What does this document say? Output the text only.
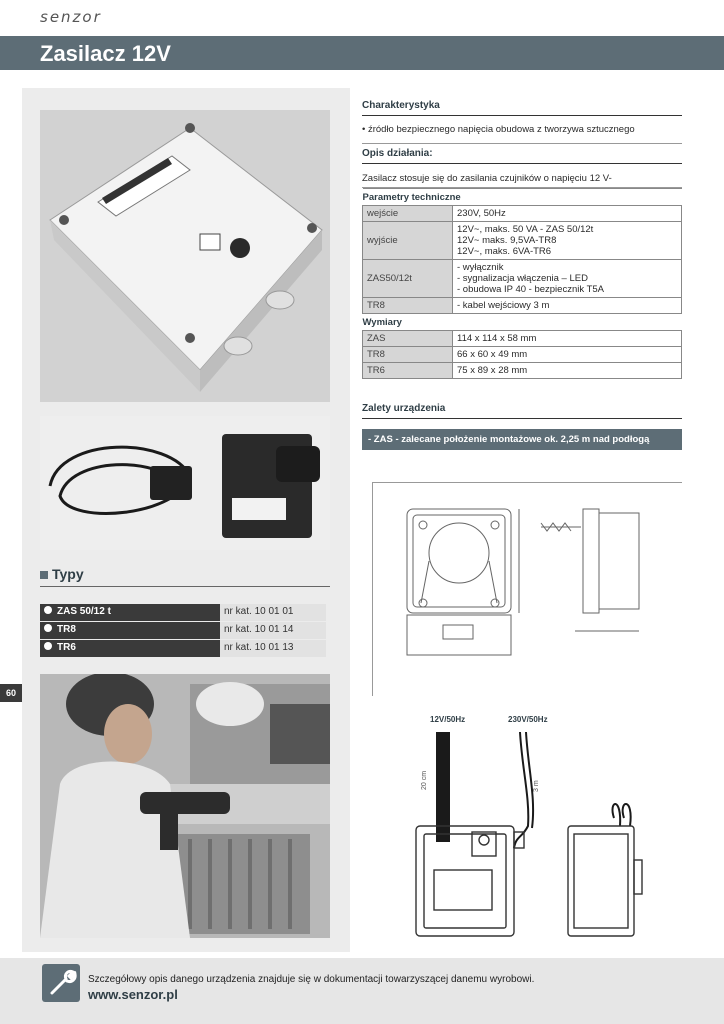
senzor
Zasilacz 12V
Typy
ZAS 50/12 t	nr kat. 10 01 01
TR8	nr kat. 10 01 14
TR6	nr kat. 10 01 13
60
Charakterystyka
• źródło bezpiecznego napięcia obudowa z tworzywa sztucznego
Opis działania:
Zasilacz stosuje się do zasilania czujników o napięciu 12 V-
Parametry techniczne	
wejście	230V, 50Hz
wyjście	12V~, maks. 50 VA - ZAS 50/12t
12V~ maks. 9,5VA-TR8
12V~, maks. 6VA-TR6

ZAS50/12t	- wyłącznik
- sygnalizacja włączenia – LED
- obudowa IP 40 - bezpiecznik T5A

TR8	- kabel wejściowy 3 m
Wymiary	
ZAS	114 x 114 x 58 mm
TR8	66 x 60 x 49 mm
TR6	75 x 89 x 28 mm
Zalety urządzenia
- ZAS - zalecane położenie montażowe ok. 2,25 m nad podłogą
12V/50Hz	230V/50Hz
20 cm	3 m
Szczegółowy opis danego urządzenia znajduje się w dokumentacji towarzyszącej danemu wyrobowi.
www.senzor.pl
